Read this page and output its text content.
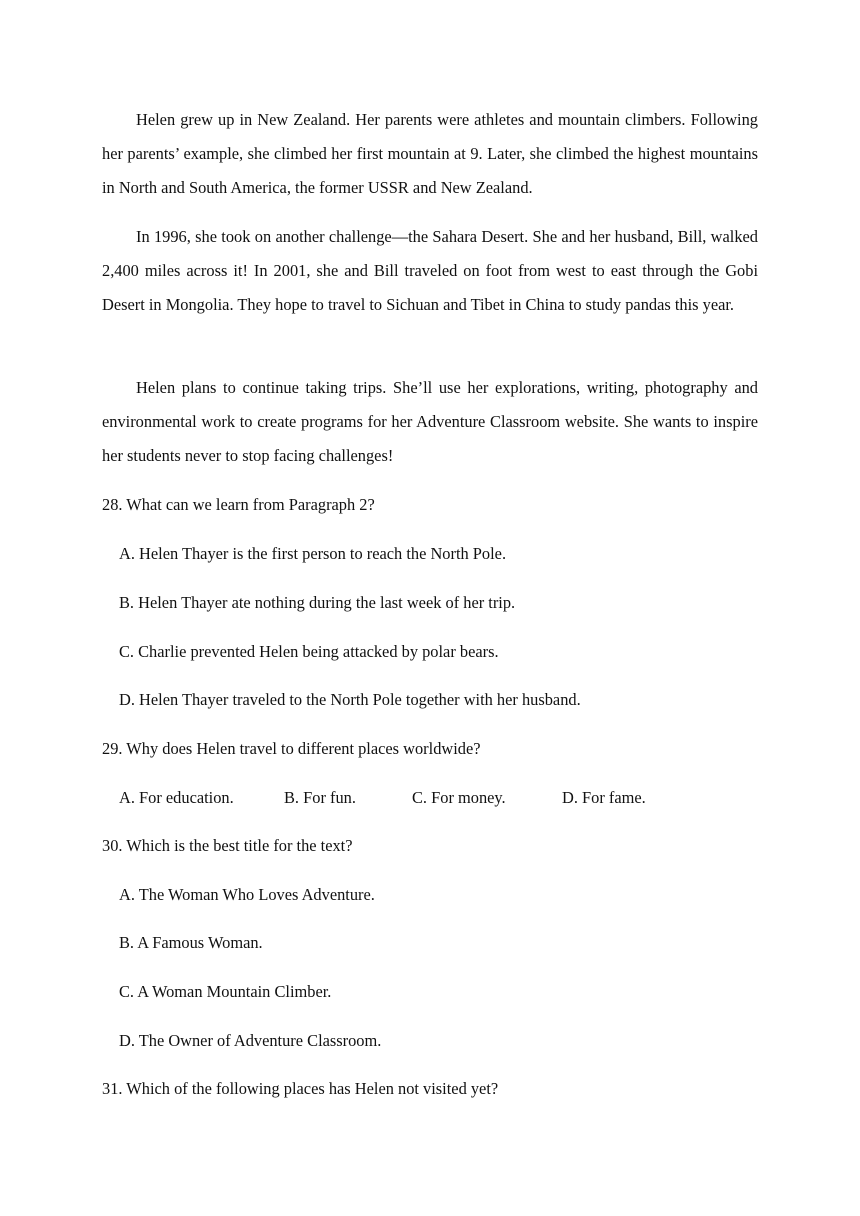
Helen grew up in New Zealand. Her parents were athletes and mountain climbers. Following her parents’ example, she climbed her first mountain at 9. Later, she climbed the highest mountains in North and South America, the former USSR and New Zealand.

In 1996, she took on another challenge—the Sahara Desert. She and her husband, Bill, walked 2,400 miles across it! In 2001, she and Bill traveled on foot from west to east through the Gobi Desert in Mongolia. They hope to travel to Sichuan and Tibet in China to study pandas this year.

Helen plans to continue taking trips. She’ll use her explorations, writing, photography and environmental work to create programs for her Adventure Classroom website. She wants to inspire her students never to stop facing challenges!

28. What can we learn from Paragraph 2?

A. Helen Thayer is the first person to reach the North Pole.

B. Helen Thayer ate nothing during the last week of her trip.

C. Charlie prevented Helen being attacked by polar bears.

D. Helen Thayer traveled to the North Pole together with her husband.

29. Why does Helen travel to different places worldwide?

A. For education.	B. For fun.	C. For money.	D. For fame.

30. Which is the best title for the text?

A. The Woman Who Loves Adventure.

B. A Famous Woman.

C. A Woman Mountain Climber.

D. The Owner of Adventure Classroom.

31. Which of the following places has Helen not visited yet?
